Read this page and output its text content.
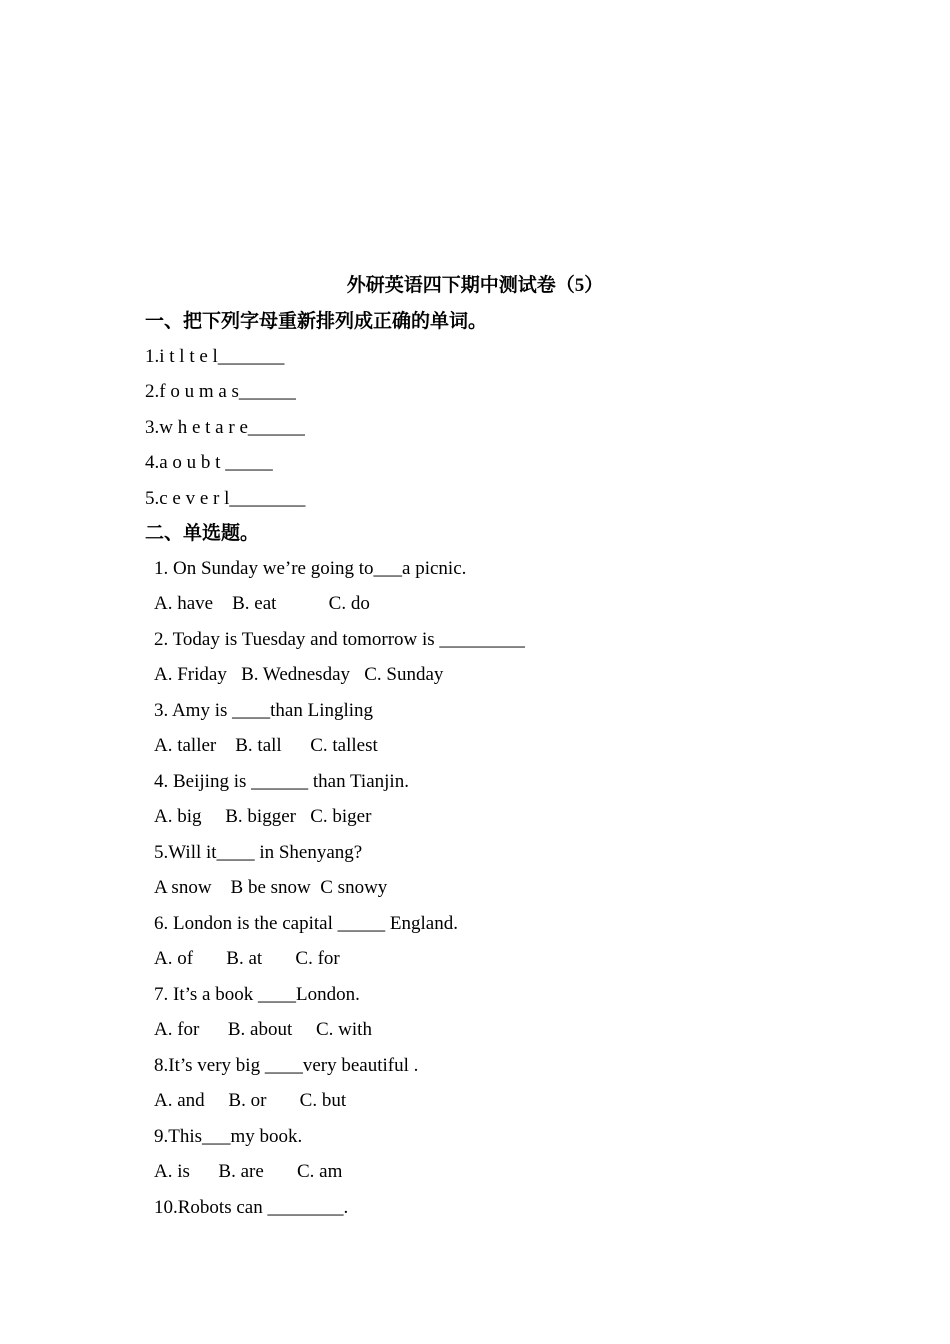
外研英语四下期中测试卷（5）
一、把下列字母重新排列成正确的单词。
1.i t l t e l_______
2.f o u m a s______
3.w h e t a r e______
4.a o u b t _____
5.c e v e r l________
二、单选题。
1. On Sunday we’re going to___a picnic.
A. have    B. eat           C. do
2. Today is Tuesday and tomorrow is _________
A. Friday   B. Wednesday   C. Sunday
3. Amy is ____than Lingling
A. taller    B. tall      C. tallest
4. Beijing is ______ than Tianjin.
A. big     B. bigger   C. biger
5.Will it____ in Shenyang?
A snow    B be snow  C snowy
6. London is the capital _____ England.
A. of       B. at       C. for
7. It’s a book ____London.
A. for      B. about     C. with
8.It’s very big ____very beautiful .
A. and     B. or       C. but
9.This___my book.
A. is      B. are       C. am
10.Robots can ________.
